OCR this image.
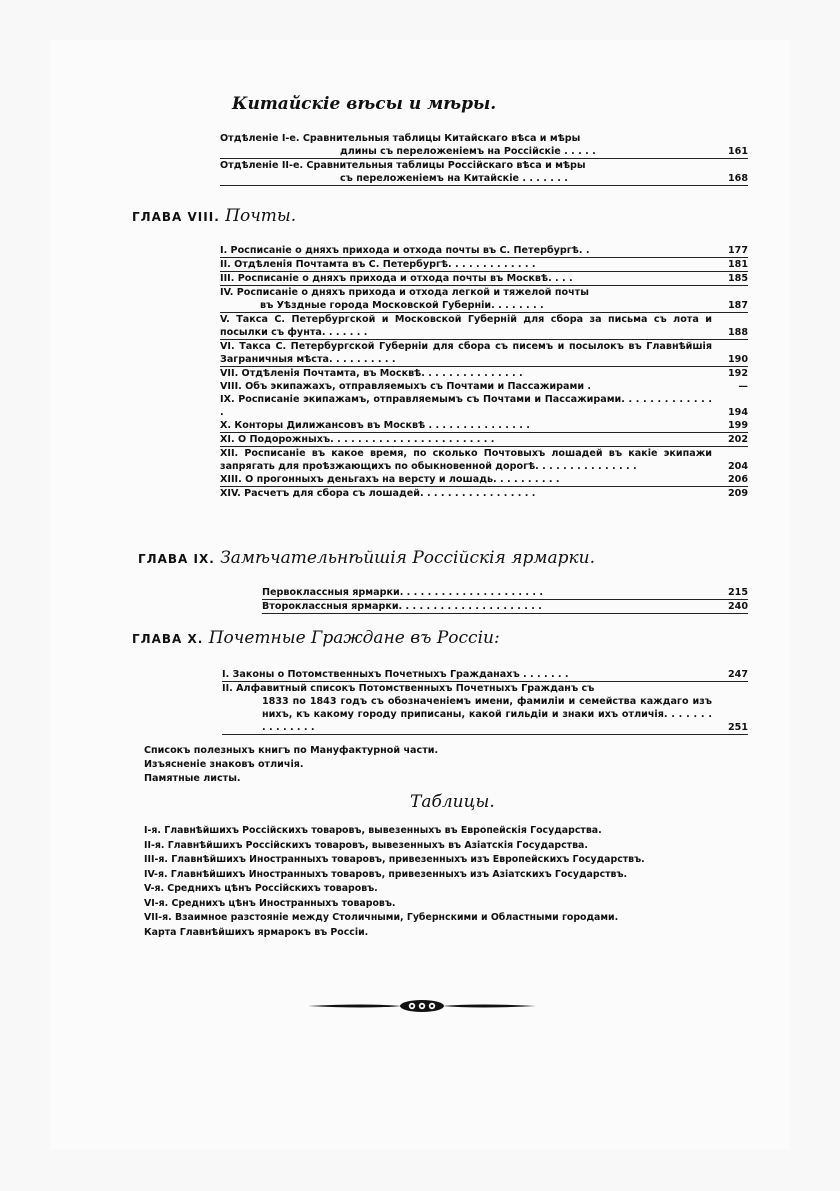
Китайскіе вѣсы и мѣры.
Отдѣленіе I-е. Сравнительныя таблицы Китайскаго вѣса и мѣры
длины съ переложеніемъ на Россійскіе . . . . .	161
Отдѣленіе II-е. Сравнительныя таблицы Россійскаго вѣса и мѣры
съ переложеніемъ на Китайскіе . . . . . . .	168
ГЛАВА VIII. Почты.
I. Росписаніе о дняхъ прихода и отхода почты въ С. Петербургѣ. .	177
II. Отдѣленія Почтамта въ С. Петербургѣ. . . . . . . . . . . . .	181
III. Росписаніе о дняхъ прихода и отхода почты въ Москвѣ. . . .	185
IV. Росписаніе о дняхъ прихода и отхода легкой и тяжелой почты
въ Уѣздные города Московской Губерніи. . . . . . . .	187
V. Такса С. Петербургской и Московской Губерній для сбора за письма съ лота и посылки съ фунта. . . . . . .	188
VI. Такса С. Петербургской Губерніи для сбора съ писемъ и посылокъ въ Главнѣйшія Заграничныя мѣста. . . . . . . . . .	190
VII. Отдѣленія Почтамта, въ Москвѣ. . . . . . . . . . . . . . .	192
VIII. Объ экипажахъ, отправляемыхъ съ Почтами и Пассажирами .	—
IX. Росписаніе экипажамъ, отправляемымъ съ Почтами и Пассажирами. . . . . . . . . . . . . .	194
X. Конторы Дилижансовъ въ Москвѣ . . . . . . . . . . . . . . .	199
XI. О Подорожныхъ. . . . . . . . . . . . . . . . . . . . . . . .	202
XII. Росписаніе въ какое время, по сколько Почтовыхъ лошадей въ какіе экипажи запрягать для проѣзжающихъ по обыкновенной дорогѣ. . . . . . . . . . . . . . .	204
XIII. О прогонныхъ деньгахъ на версту и лошадь. . . . . . . . . .	206
XIV. Расчетъ для сбора съ лошадей. . . . . . . . . . . . . . . . .	209
ГЛАВА IX. Замѣчательнѣйшія Россійскія ярмарки.
Первоклассныя ярмарки. . . . . . . . . . . . . . . . . . . . .	215
Второклассныя ярмарки. . . . . . . . . . . . . . . . . . . . .	240
ГЛАВА X. Почетные Граждане въ Россіи:
I. Законы о Потомственныхъ Почетныхъ Гражданахъ . . . . . . .	247
II. Алфавитный списокъ Потомственныхъ Почетныхъ Гражданъ съ
1833 по 1843 годъ съ обозначеніемъ имени, фамиліи и семейства каждаго изъ нихъ, къ какому городу приписаны, какой гильдіи и знаки ихъ отличія. . . . . . . . . . . . . . .	251
Списокъ полезныхъ книгъ по Мануфактурной части.
Изъясненіе знаковъ отличія.
Памятные листы.
Таблицы.
I-я. Главнѣйшихъ Россійскихъ товаровъ, вывезенныхъ въ Европейскія Государства.
II-я. Главнѣйшихъ Россійскихъ товаровъ, вывезенныхъ въ Азіатскія Государства.
III-я. Главнѣйшихъ Иностранныхъ товаровъ, привезенныхъ изъ Европейскихъ Государствъ.
IV-я. Главнѣйшихъ Иностранныхъ товаровъ, привезенныхъ изъ Азіатскихъ Государствъ.
V-я. Среднихъ цѣнъ Россійскихъ товаровъ.
VI-я. Среднихъ цѣнъ Иностранныхъ товаровъ.
VII-я. Взаимное разстояніе между Столичными, Губернскими и Областными городами.
Карта Главнѣйшихъ ярмарокъ въ Россіи.
